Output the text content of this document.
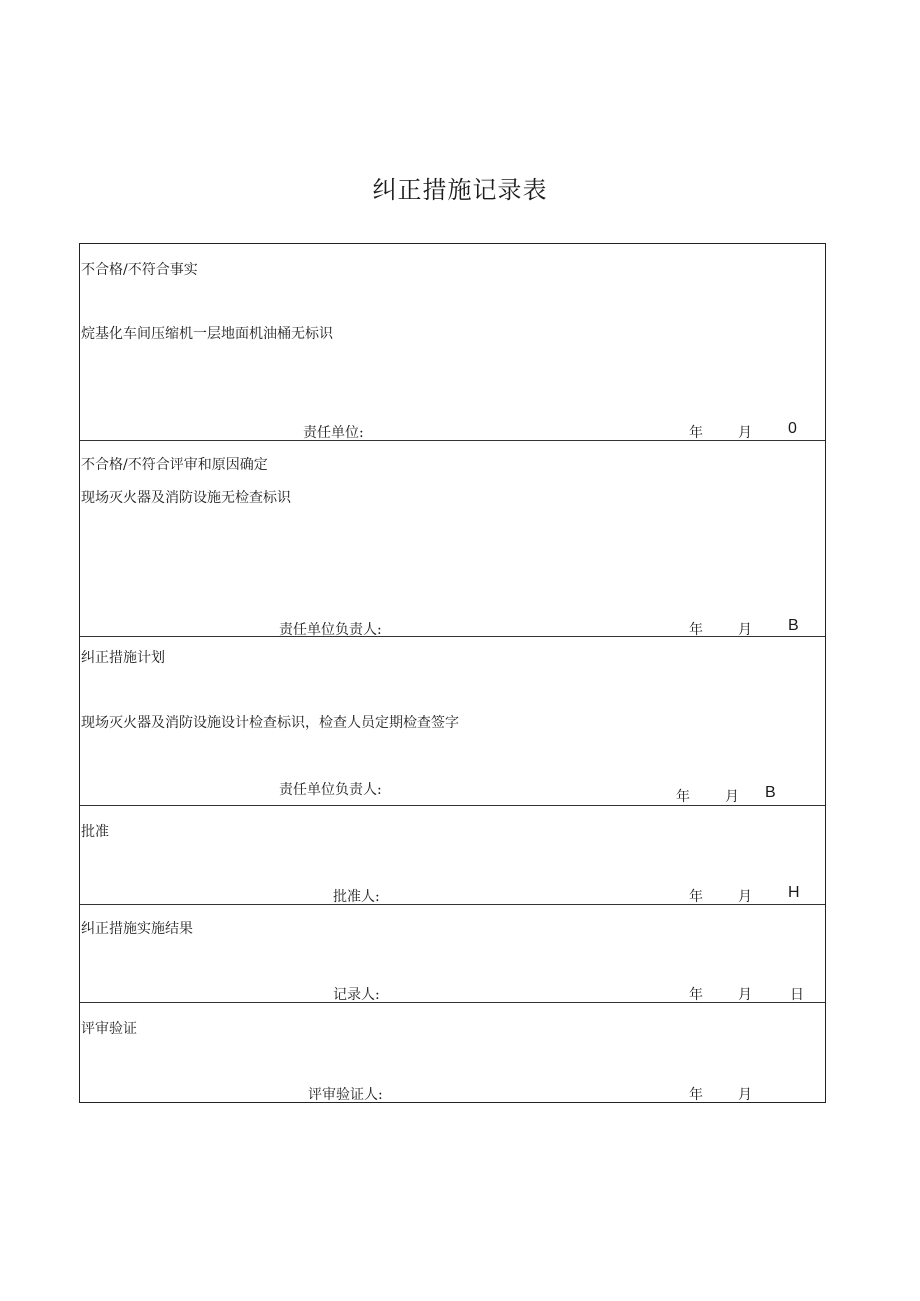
纠正措施记录表
不合格/不符合事实
烷基化车间压缩机一层地面机油桶无标识
责任单位:	年	月 0
不合格/不符合评审和原因确定
现场灭火器及消防设施无检查标识
责任单位负责人:	年	月 B
纠正措施计划
现场灭火器及消防设施设计检查标识，检查人员定期检查签字
责任单位负责人:	年	月 B
批准
批准人:	年	月 H
纠正措施实施结果
记录人:	年	月	日
评审验证
评审验证人:	年	月
